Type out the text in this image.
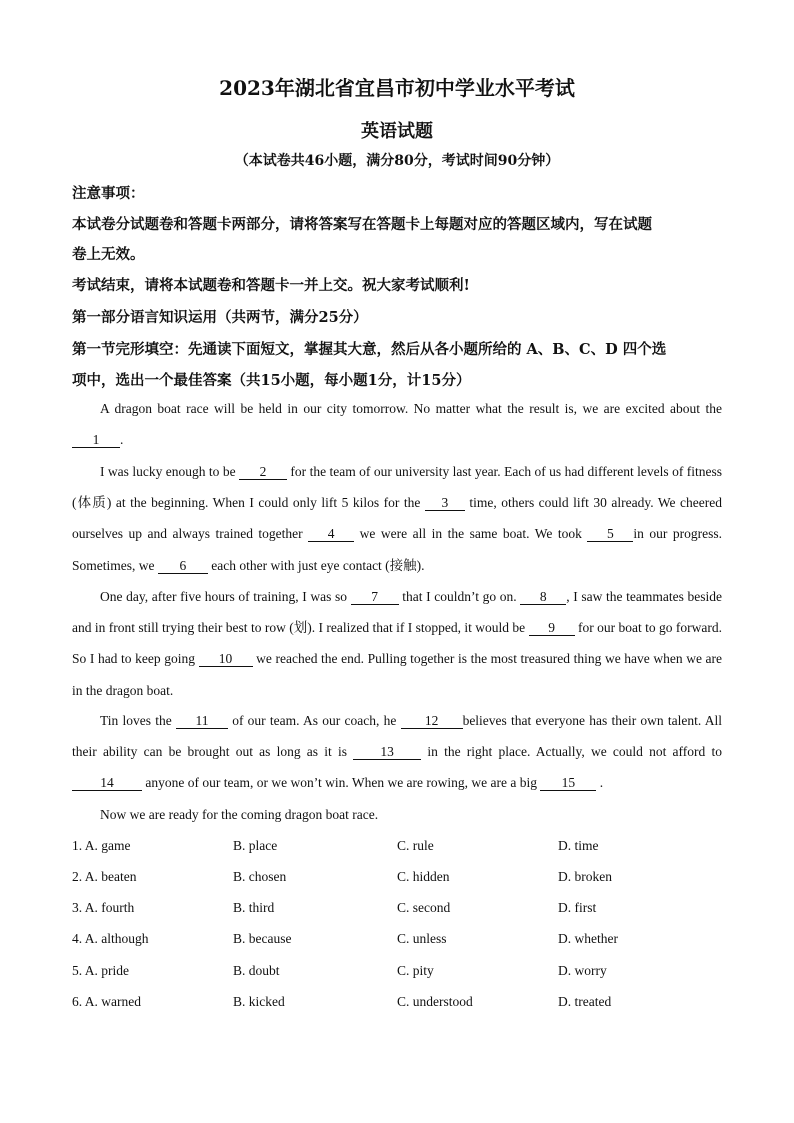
2023年湖北省宜昌市初中学业水平考试
英语试题
（本试卷共46小题，满分80分，考试时间90分钟）
注意事项：
本试卷分试题卷和答题卡两部分，请将答案写在答题卡上每题对应的答题区域内，写在试题
卷上无效。
考试结束，请将本试题卷和答题卡一并上交。祝大家考试顺利!
第一部分语言知识运用（共两节，满分25分）
第一节完形填空：先通读下面短文，掌握其大意，然后从各小题所给的 A、B、C、D 四个选
项中，选出一个最佳答案（共15小题，每小题1分，计15分）
A dragon boat race will be held in our city tomorrow. No matter what the result is, we are excited about the 1 .
I was lucky enough to be 2 for the team of our university last year. Each of us had different levels of fitness (体质) at the beginning. When I could only lift 5 kilos for the 3 time, others could lift 30 already. We cheered ourselves up and always trained together 4 we were all in the same boat. We took 5 in our progress. Sometimes, we 6 each other with just eye contact (接触).
One day, after five hours of training, I was so 7 that I couldn’t go on. 8 , I saw the teammates beside and in front still trying their best to row (划). I realized that if I stopped, it would be 9 for our boat to go forward. So I had to keep going 10 we reached the end. Pulling together is the most treasured thing we have when we are in the dragon boat.
Tin loves the 11 of our team. As our coach, he 12 believes that everyone has their own talent. All their ability can be brought out as long as it is 13 in the right place. Actually, we could not afford to 14 anyone of our team, or we won’t win. When we are rowing, we are a big 15 .
Now we are ready for the coming dragon boat race.
1. A. game	B. place	C. rule	D. time
2. A. beaten	B. chosen	C. hidden	D. broken
3. A. fourth	B. third	C. second	D. first
4. A. although	B. because	C. unless	D. whether
5. A. pride	B. doubt	C. pity	D. worry
6. A. warned	B. kicked	C. understood	D. treated
